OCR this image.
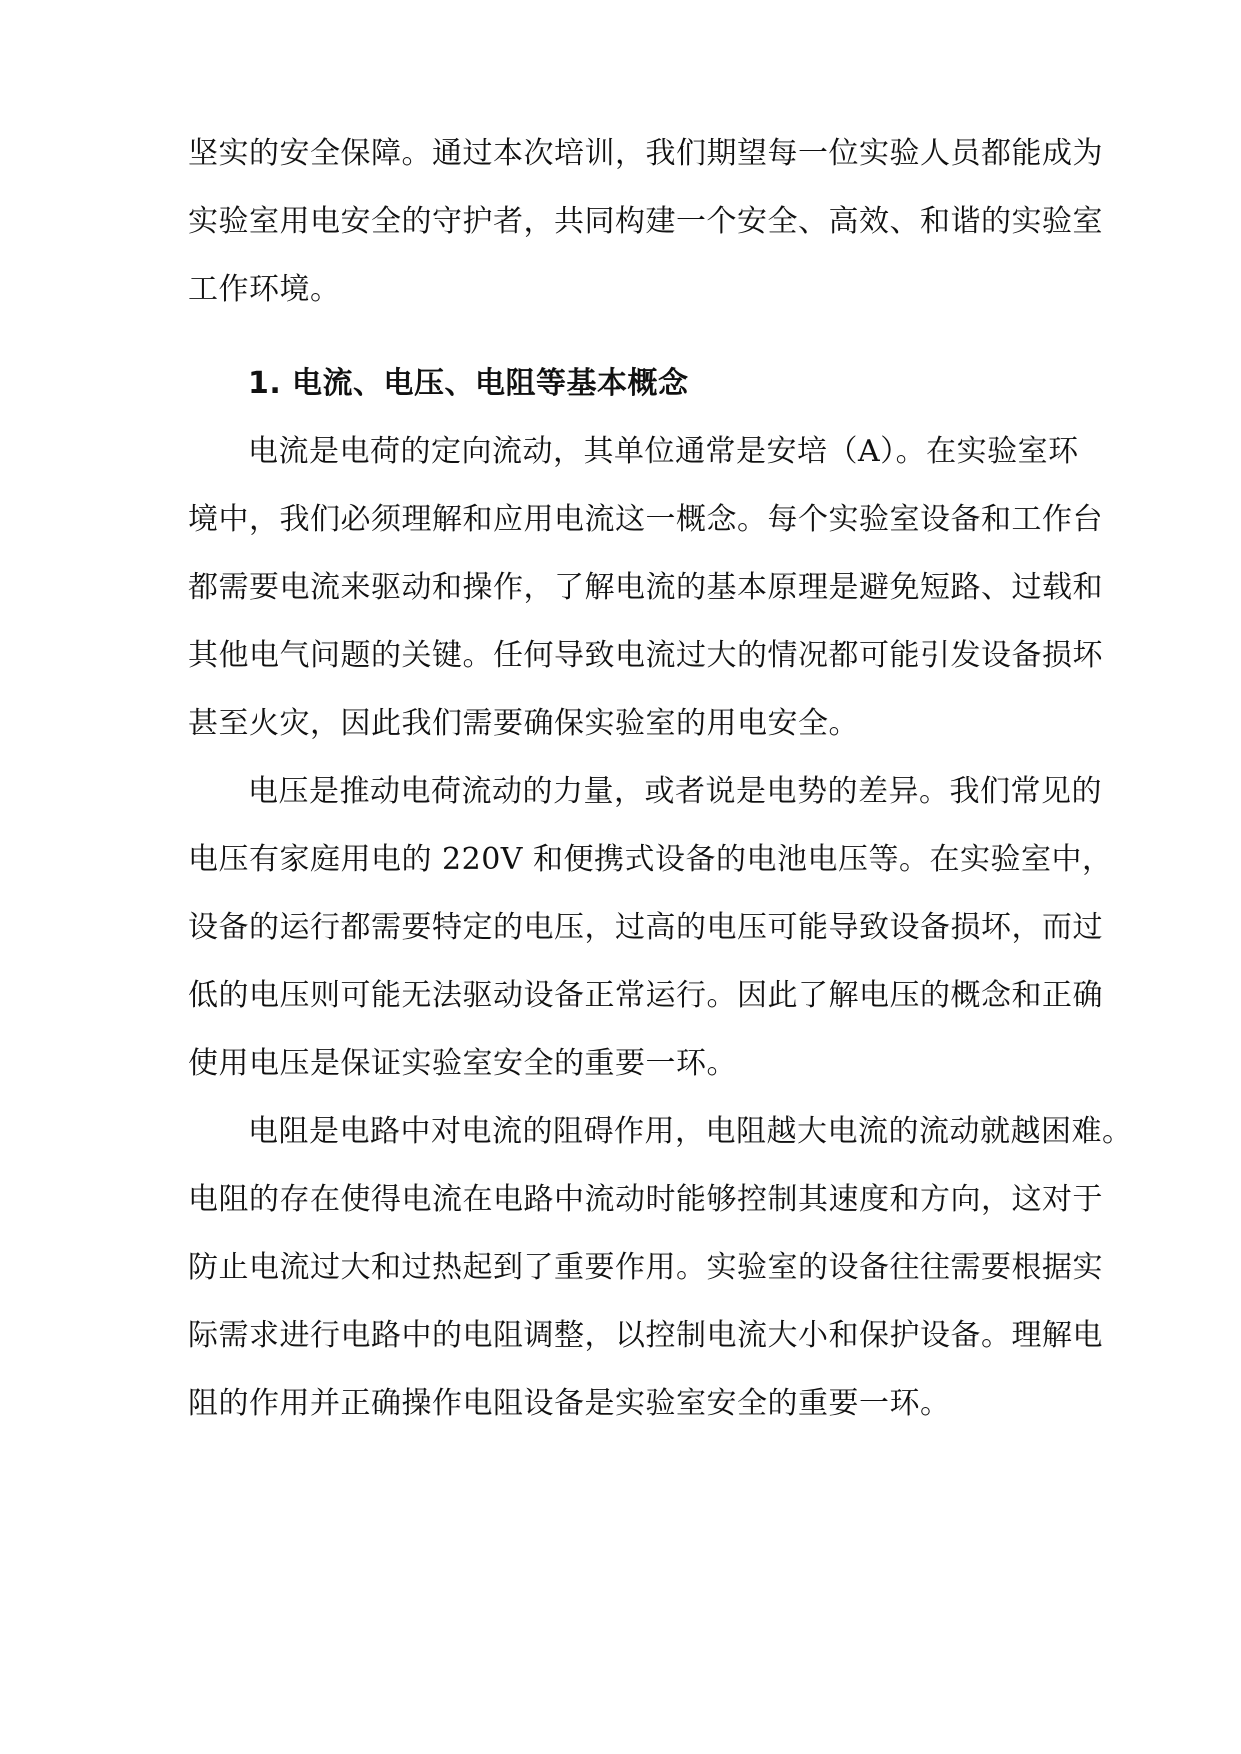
坚实的安全保障。通过本次培训，我们期望每一位实验人员都能成为
实验室用电安全的守护者，共同构建一个安全、高效、和谐的实验室
工作环境。
1. 电流、电压、电阻等基本概念
电流是电荷的定向流动，其单位通常是安培（A）。在实验室环
境中，我们必须理解和应用电流这一概念。每个实验室设备和工作台
都需要电流来驱动和操作，了解电流的基本原理是避免短路、过载和
其他电气问题的关键。任何导致电流过大的情况都可能引发设备损坏
甚至火灾，因此我们需要确保实验室的用电安全。
电压是推动电荷流动的力量，或者说是电势的差异。我们常见的
电压有家庭用电的 220V 和便携式设备的电池电压等。在实验室中，
设备的运行都需要特定的电压，过高的电压可能导致设备损坏，而过
低的电压则可能无法驱动设备正常运行。因此了解电压的概念和正确
使用电压是保证实验室安全的重要一环。
电阻是电路中对电流的阻碍作用，电阻越大电流的流动就越困难。
电阻的存在使得电流在电路中流动时能够控制其速度和方向，这对于
防止电流过大和过热起到了重要作用。实验室的设备往往需要根据实
际需求进行电路中的电阻调整，以控制电流大小和保护设备。理解电
阻的作用并正确操作电阻设备是实验室安全的重要一环。
